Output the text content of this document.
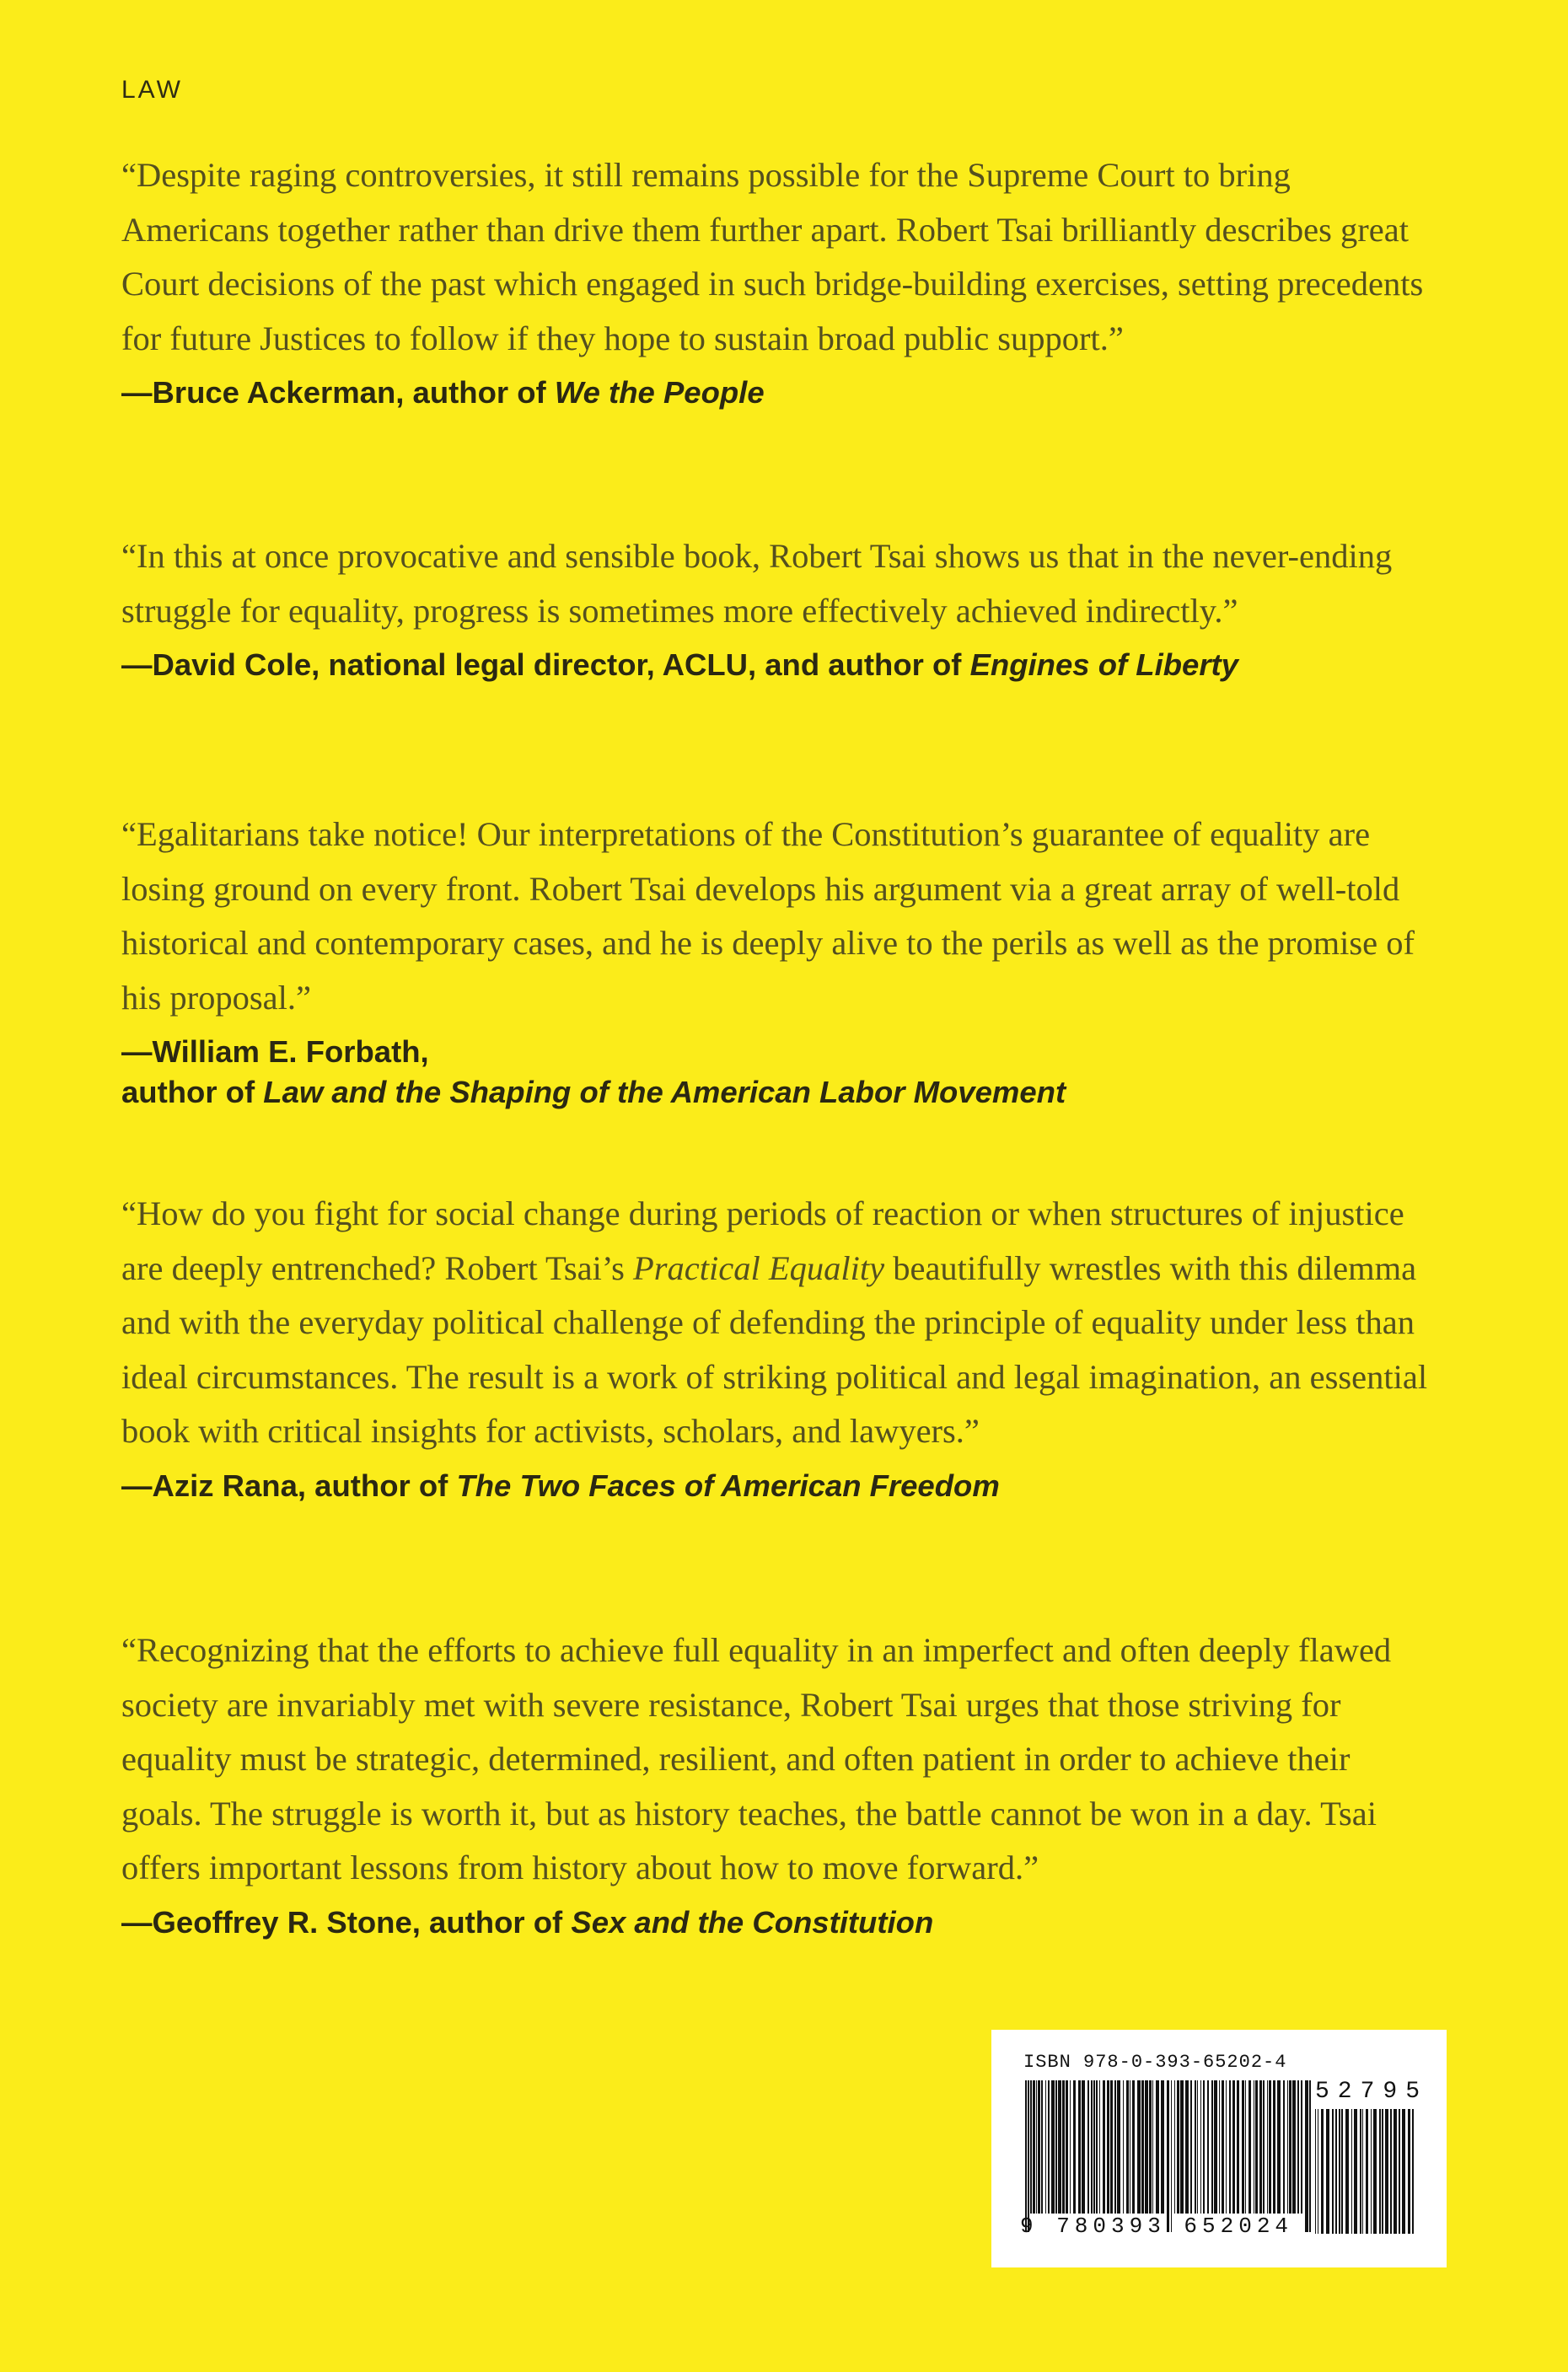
LAW

“Despite raging controversies, it still remains possible for the Supreme Court to bring Americans together rather than drive them further apart. Robert Tsai brilliantly describes great Court decisions of the past which engaged in such bridge-building exercises, setting precedents for future Justices to follow if they hope to sustain broad public support.”

—Bruce Ackerman, author of We the People

“In this at once provocative and sensible book, Robert Tsai shows us that in the never-ending struggle for equality, progress is sometimes more effectively achieved indirectly.”

—David Cole, national legal director, ACLU, and author of Engines of Liberty

“Egalitarians take notice! Our interpretations of the Constitution’s guarantee of equality are losing ground on every front. Robert Tsai develops his argument via a great array of well-told historical and contemporary cases, and he is deeply alive to the perils as well as the promise of his proposal.”

—William E. Forbath,
author of Law and the Shaping of the American Labor Movement

“How do you fight for social change during periods of reaction or when structures of injustice are deeply entrenched? Robert Tsai’s Practical Equality beautifully wrestles with this dilemma and with the everyday political challenge of defending the principle of equality under less than ideal circumstances. The result is a work of striking political and legal imagination, an essential book with critical insights for activists, scholars, and lawyers.”

—Aziz Rana, author of The Two Faces of American Freedom

“Recognizing that the efforts to achieve full equality in an imperfect and often deeply flawed society are invariably met with severe resistance, Robert Tsai urges that those striving for equality must be strategic, determined, resilient, and often patient in order to achieve their goals. The struggle is worth it, but as history teaches, the battle cannot be won in a day. Tsai offers important lessons from history about how to move forward.”

—Geoffrey R. Stone, author of Sex and the Constitution

ISBN 978-0-393-65202-4
52795
9 780393 652024
